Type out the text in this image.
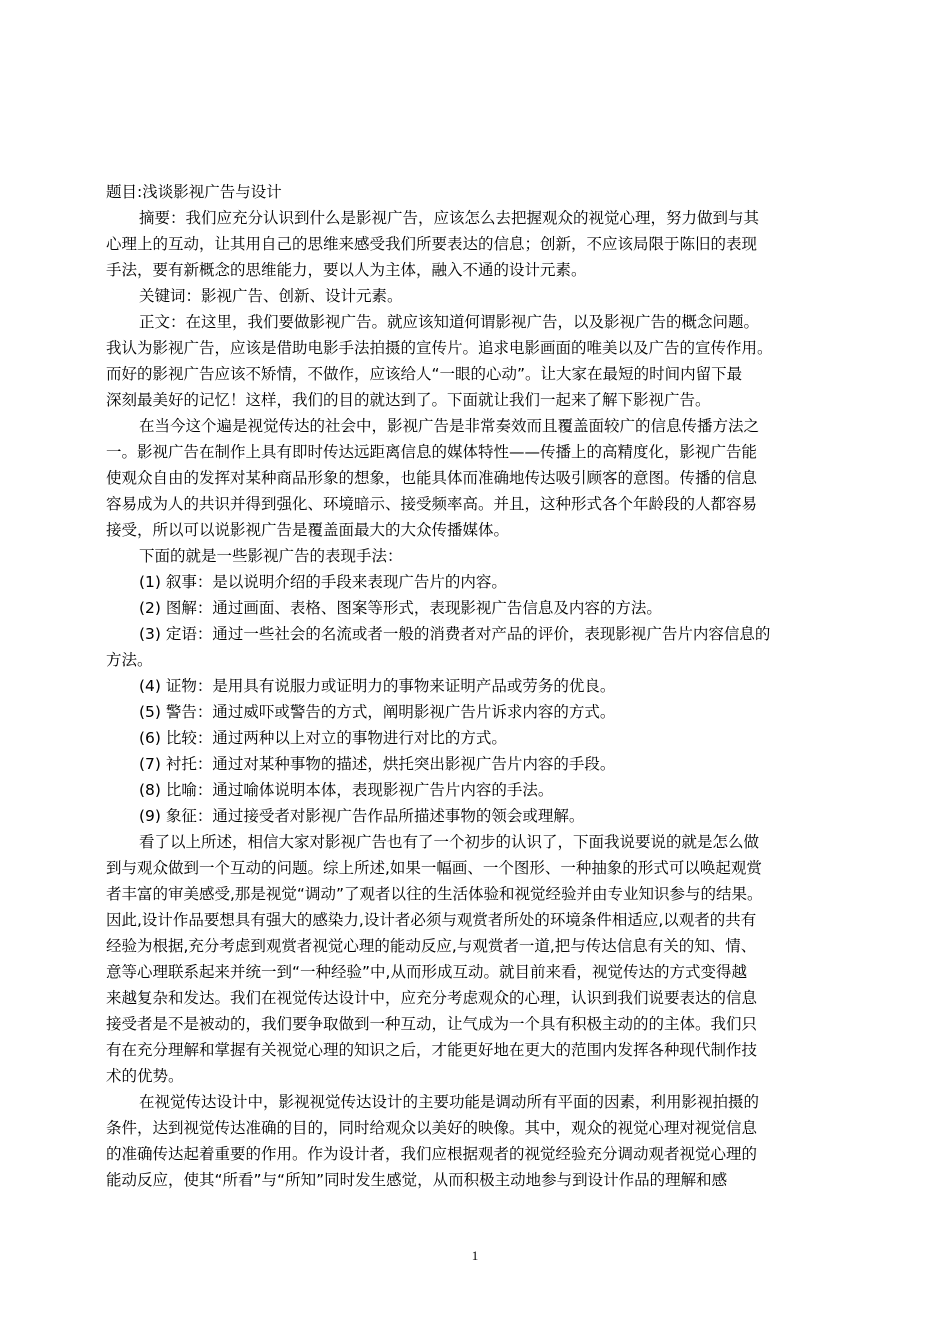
题目:浅谈影视广告与设计
摘要：我们应充分认识到什么是影视广告，应该怎么去把握观众的视觉心理，努力做到与其
心理上的互动，让其用自己的思维来感受我们所要表达的信息；创新，不应该局限于陈旧的表现
手法，要有新概念的思维能力，要以人为主体，融入不通的设计元素。
关键词：影视广告、创新、设计元素。
正文：在这里，我们要做影视广告。就应该知道何谓影视广告，以及影视广告的概念问题。
我认为影视广告，应该是借助电影手法拍摄的宣传片。追求电影画面的唯美以及广告的宣传作用。
而好的影视广告应该不矫情，不做作，应该给人“一眼的心动”。让大家在最短的时间内留下最
深刻最美好的记忆！这样，我们的目的就达到了。下面就让我们一起来了解下影视广告。
在当今这个遍是视觉传达的社会中，影视广告是非常奏效而且覆盖面较广的信息传播方法之
一。影视广告在制作上具有即时传达远距离信息的媒体特性——传播上的高精度化，影视广告能
使观众自由的发挥对某种商品形象的想象，也能具体而准确地传达吸引顾客的意图。传播的信息
容易成为人的共识并得到强化、环境暗示、接受频率高。并且，这种形式各个年龄段的人都容易
接受，所以可以说影视广告是覆盖面最大的大众传播媒体。
下面的就是一些影视广告的表现手法：
(1) 叙事：是以说明介绍的手段来表现广告片的内容。
(2) 图解：通过画面、表格、图案等形式，表现影视广告信息及内容的方法。
(3) 定语：通过一些社会的名流或者一般的消费者对产品的评价，表现影视广告片内容信息的
方法。
(4) 证物：是用具有说服力或证明力的事物来证明产品或劳务的优良。
(5) 警告：通过威吓或警告的方式，阐明影视广告片诉求内容的方式。
(6) 比较：通过两种以上对立的事物进行对比的方式。
(7) 衬托：通过对某种事物的描述，烘托突出影视广告片内容的手段。
(8) 比喻：通过喻体说明本体，表现影视广告片内容的手法。
(9) 象征：通过接受者对影视广告作品所描述事物的领会或理解。
看了以上所述，相信大家对影视广告也有了一个初步的认识了，下面我说要说的就是怎么做
到与观众做到一个互动的问题。综上所述,如果一幅画、一个图形、一种抽象的形式可以唤起观赏
者丰富的审美感受,那是视觉“调动”了观者以往的生活体验和视觉经验并由专业知识参与的结果。
因此,设计作品要想具有强大的感染力,设计者必须与观赏者所处的环境条件相适应,以观者的共有
经验为根据,充分考虑到观赏者视觉心理的能动反应,与观赏者一道,把与传达信息有关的知、情、
意等心理联系起来并统一到“一种经验”中,从而形成互动。就目前来看，视觉传达的方式变得越
来越复杂和发达。我们在视觉传达设计中，应充分考虑观众的心理，认识到我们说要表达的信息
接受者是不是被动的，我们要争取做到一种互动，让气成为一个具有积极主动的的主体。我们只
有在充分理解和掌握有关视觉心理的知识之后，才能更好地在更大的范围内发挥各种现代制作技
术的优势。
在视觉传达设计中，影视视觉传达设计的主要功能是调动所有平面的因素，利用影视拍摄的
条件，达到视觉传达准确的目的，同时给观众以美好的映像。其中，观众的视觉心理对视觉信息
的准确传达起着重要的作用。作为设计者，我们应根据观者的视觉经验充分调动观者视觉心理的
能动反应，使其“所看”与“所知”同时发生感觉，从而积极主动地参与到设计作品的理解和感
1
